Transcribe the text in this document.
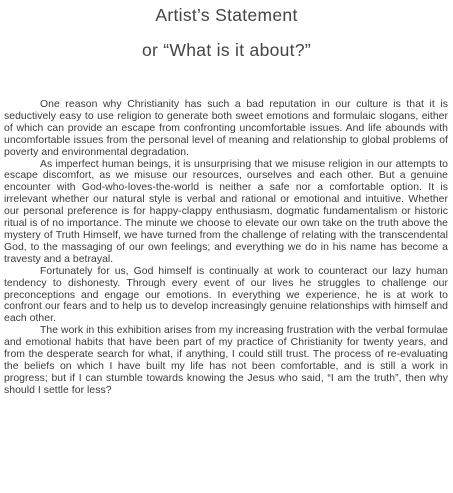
Artist’s Statement
or “What is it about?”

One reason why Christianity has such a bad reputation in our culture is that it is seductively easy to use religion to generate both sweet emotions and formulaic slogans, either of which can provide an escape from confronting uncomfortable issues. And life abounds with uncomfortable issues from the personal level of meaning and relationship to global problems of poverty and environmental degradation.

As imperfect human beings, it is unsurprising that we misuse religion in our attempts to escape discomfort, as we misuse our resources, ourselves and each other. But a genuine encounter with God-who-loves-the-world is neither a safe nor a comfortable option. It is irrelevant whether our natural style is verbal and rational or emotional and intuitive. Whether our personal preference is for happy-clappy enthusiasm, dogmatic fundamentalism or historic ritual is of no importance. The minute we choose to elevate our own take on the truth above the mystery of Truth Himself, we have turned from the challenge of relating with the transcendental God, to the massaging of our own feelings; and everything we do in his name has become a travesty and a betrayal.

Fortunately for us, God himself is continually at work to counteract our lazy human tendency to dishonesty. Through every event of our lives he struggles to challenge our preconceptions and engage our emotions. In everything we experience, he is at work to confront our fears and to help us to develop increasingly genuine relationships with himself and each other.

The work in this exhibition arises from my increasing frustration with the verbal formulae and emotional habits that have been part of my practice of Christianity for twenty years, and from the desperate search for what, if anything, I could still trust. The process of re-evaluating the beliefs on which I have built my life has not been comfortable, and is still a work in progress; but if I can stumble towards knowing the Jesus who said, “I am the truth”, then why should I settle for less?
